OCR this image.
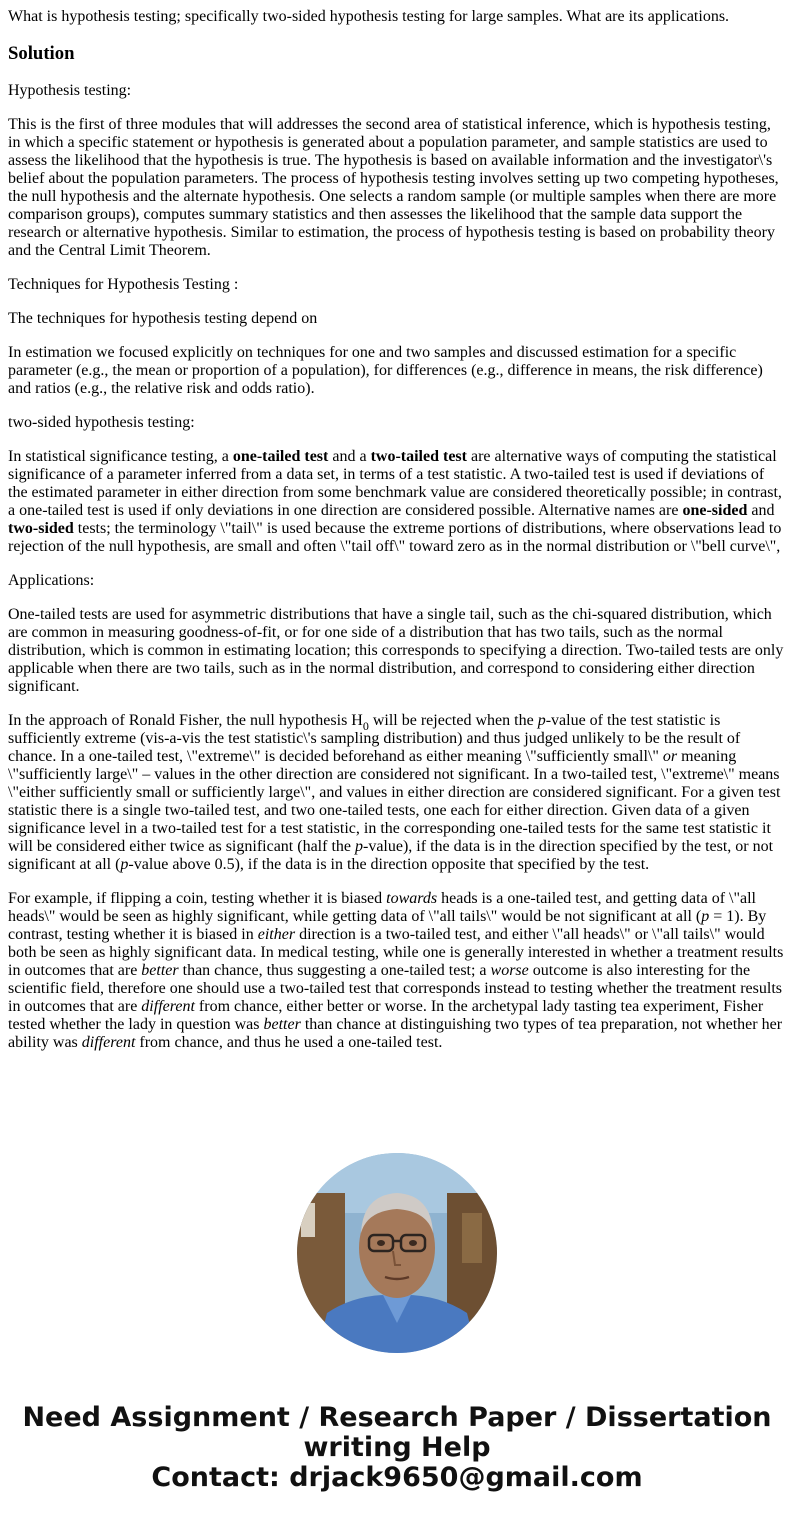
What is hypothesis testing; specifically two-sided hypothesis testing for large samples. What are its applications.
Solution

Hypothesis testing:

This is the first of three modules that will addresses the second area of statistical inference, which is hypothesis testing, in which a specific statement or hypothesis is generated about a population parameter, and sample statistics are used to assess the likelihood that the hypothesis is true. The hypothesis is based on available information and the investigator\'s belief about the population parameters. The process of hypothesis testing involves setting up two competing hypotheses, the null hypothesis and the alternate hypothesis. One selects a random sample (or multiple samples when there are more comparison groups), computes summary statistics and then assesses the likelihood that the sample data support the research or alternative hypothesis. Similar to estimation, the process of hypothesis testing is based on probability theory and the Central Limit Theorem.

Techniques for Hypothesis Testing :

The techniques for hypothesis testing depend on

In estimation we focused explicitly on techniques for one and two samples and discussed estimation for a specific parameter (e.g., the mean or proportion of a population), for differences (e.g., difference in means, the risk difference) and ratios (e.g., the relative risk and odds ratio).

two-sided hypothesis testing:

In statistical significance testing, a one-tailed test and a two-tailed test are alternative ways of computing the statistical significance of a parameter inferred from a data set, in terms of a test statistic. A two-tailed test is used if deviations of the estimated parameter in either direction from some benchmark value are considered theoretically possible; in contrast, a one-tailed test is used if only deviations in one direction are considered possible. Alternative names are one-sided and two-sided tests; the terminology \"tail\" is used because the extreme portions of distributions, where observations lead to rejection of the null hypothesis, are small and often \"tail off\" toward zero as in the normal distribution or \"bell curve\",

Applications:

One-tailed tests are used for asymmetric distributions that have a single tail, such as the chi-squared distribution, which are common in measuring goodness-of-fit, or for one side of a distribution that has two tails, such as the normal distribution, which is common in estimating location; this corresponds to specifying a direction. Two-tailed tests are only applicable when there are two tails, such as in the normal distribution, and correspond to considering either direction significant.

In the approach of Ronald Fisher, the null hypothesis $H_0$ will be rejected when the p-value of the test statistic is sufficiently extreme (vis-a-vis the test statistic\'s sampling distribution) and thus judged unlikely to be the result of chance. In a one-tailed test, \"extreme\" is decided beforehand as either meaning \"sufficiently small\" or meaning \"sufficiently large\" – values in the other direction are considered not significant. In a two-tailed test, \"extreme\" means \"either sufficiently small or sufficiently large\", and values in either direction are considered significant. For a given test statistic there is a single two-tailed test, and two one-tailed tests, one each for either direction. Given data of a given significance level in a two-tailed test for a test statistic, in the corresponding one-tailed tests for the same test statistic it will be considered either twice as significant (half the p-value), if the data is in the direction specified by the test, or not significant at all (p-value above 0.5), if the data is in the direction opposite that specified by the test.

For example, if flipping a coin, testing whether it is biased towards heads is a one-tailed test, and getting data of \"all heads\" would be seen as highly significant, while getting data of \"all tails\" would be not significant at all (p = 1). By contrast, testing whether it is biased in either direction is a two-tailed test, and either \"all heads\" or \"all tails\" would both be seen as highly significant data. In medical testing, while one is generally interested in whether a treatment results in outcomes that are better than chance, thus suggesting a one-tailed test; a worse outcome is also interesting for the scientific field, therefore one should use a two-tailed test that corresponds instead to testing whether the treatment results in outcomes that are different from chance, either better or worse. In the archetypal lady tasting tea experiment, Fisher tested whether the lady in question was better than chance at distinguishing two types of tea preparation, not whether her ability was different from chance, and thus he used a one-tailed test.

Need Assignment / Research Paper / Dissertation writing Help
Contact: drjack9650@gmail.com
